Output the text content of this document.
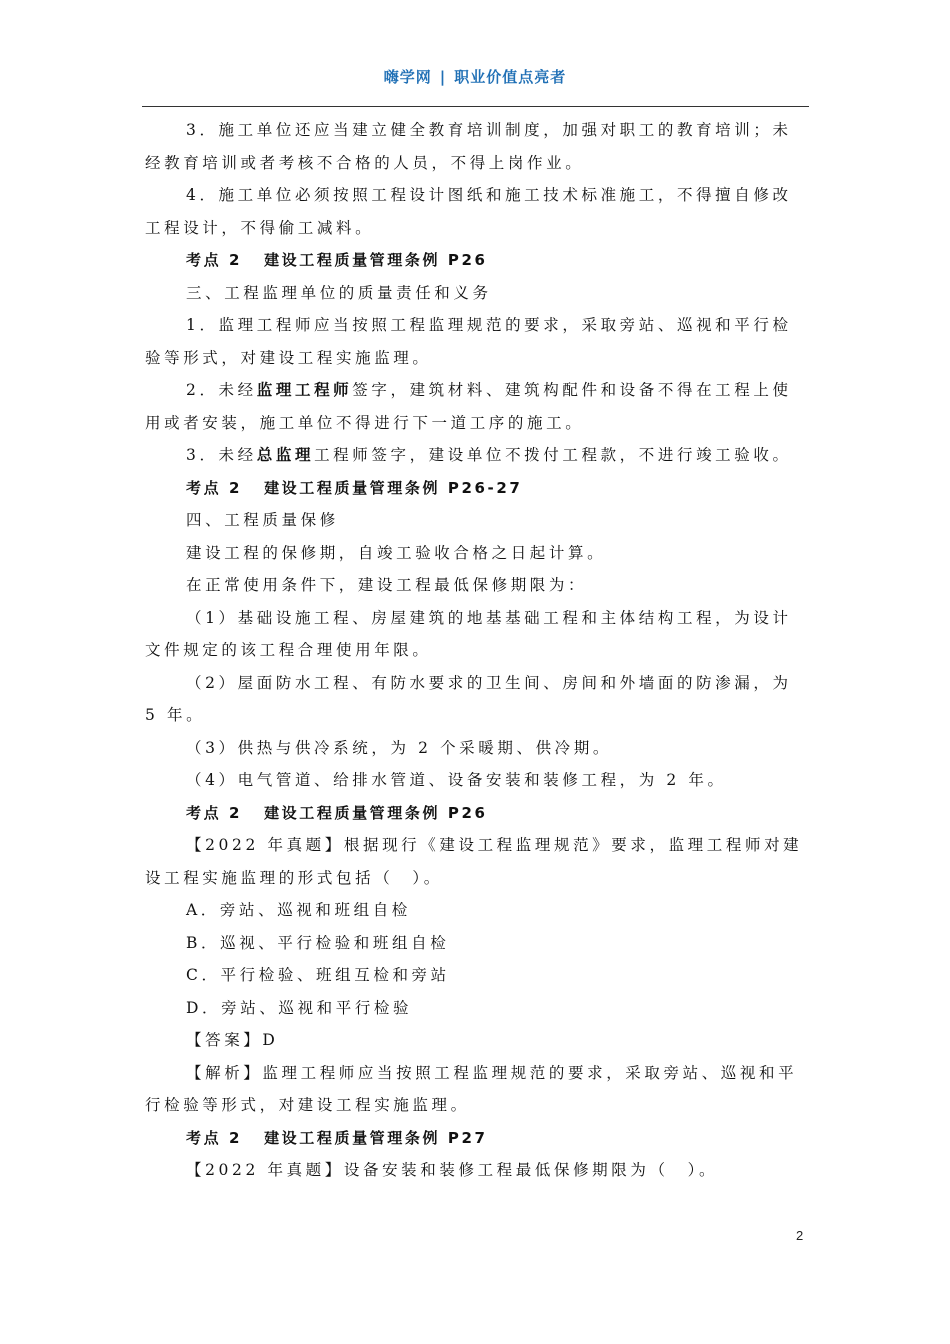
嗨学网 | 职业价值点亮者

3．施工单位还应当建立健全教育培训制度，加强对职工的教育培训；未经教育培训或者考核不合格的人员，不得上岗作业。

4．施工单位必须按照工程设计图纸和施工技术标准施工，不得擅自修改工程设计，不得偷工减料。

考点 2 建设工程质量管理条例 P26

三、工程监理单位的质量责任和义务

1．监理工程师应当按照工程监理规范的要求，采取旁站、巡视和平行检验等形式，对建设工程实施监理。

2．未经监理工程师签字，建筑材料、建筑构配件和设备不得在工程上使用或者安装，施工单位不得进行下一道工序的施工。

3．未经总监理工程师签字，建设单位不拨付工程款，不进行竣工验收。

考点 2 建设工程质量管理条例 P26-27

四、工程质量保修

建设工程的保修期，自竣工验收合格之日起计算。

在正常使用条件下，建设工程最低保修期限为：

（1）基础设施工程、房屋建筑的地基基础工程和主体结构工程，为设计文件规定的该工程合理使用年限。

（2）屋面防水工程、有防水要求的卫生间、房间和外墙面的防渗漏，为 5 年。

（3）供热与供冷系统，为 2 个采暖期、供冷期。

（4）电气管道、给排水管道、设备安装和装修工程，为 2 年。

考点 2 建设工程质量管理条例 P26

【2022 年真题】根据现行《建设工程监理规范》要求，监理工程师对建设工程实施监理的形式包括（　）。

A．旁站、巡视和班组自检

B．巡视、平行检验和班组自检

C．平行检验、班组互检和旁站

D．旁站、巡视和平行检验

【答案】D

【解析】监理工程师应当按照工程监理规范的要求，采取旁站、巡视和平行检验等形式，对建设工程实施监理。

考点 2 建设工程质量管理条例 P27

【2022 年真题】设备安装和装修工程最低保修期限为（　）。

2
